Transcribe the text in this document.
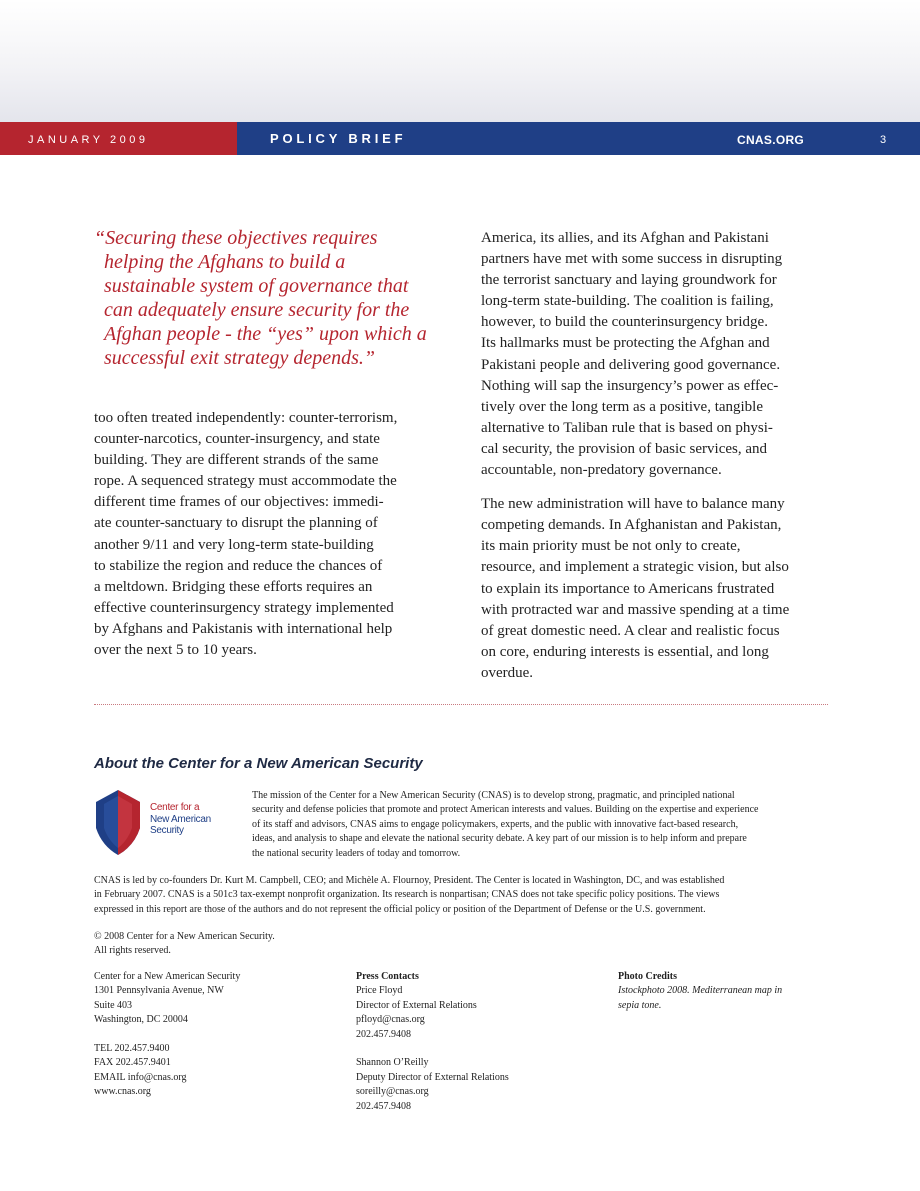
JANUARY 2009	POLICY BRIEF	CNAS.ORG	3

“Securing these objectives requires
helping the Afghans to build a
sustainable system of governance that
can adequately ensure security for the
Afghan people - the “yes” upon which a
successful exit strategy depends.”

too often treated independently: counter-terrorism,
counter-narcotics, counter-insurgency, and state
building. They are different strands of the same
rope. A sequenced strategy must accommodate the
different time frames of our objectives: immedi-
ate counter-sanctuary to disrupt the planning of
another 9/11 and very long-term state-building
to stabilize the region and reduce the chances of
a meltdown. Bridging these efforts requires an
effective counterinsurgency strategy implemented
by Afghans and Pakistanis with international help
over the next 5 to 10 years.

America, its allies, and its Afghan and Pakistani
partners have met with some success in disrupting
the terrorist sanctuary and laying groundwork for
long-term state-building. The coalition is failing,
however, to build the counterinsurgency bridge.
Its hallmarks must be protecting the Afghan and
Pakistani people and delivering good governance.
Nothing will sap the insurgency’s power as effec-
tively over the long term as a positive, tangible
alternative to Taliban rule that is based on physi-
cal security, the provision of basic services, and
accountable, non-predatory governance.

The new administration will have to balance many
competing demands. In Afghanistan and Pakistan,
its main priority must be not only to create,
resource, and implement a strategic vision, but also
to explain its importance to Americans frustrated
with protracted war and massive spending at a time
of great domestic need. A clear and realistic focus
on core, enduring interests is essential, and long
overdue.

About the Center for a New American Security
Center for a
New American
Security
The mission of the Center for a New American Security (CNAS) is to develop strong, pragmatic, and principled national
security and defense policies that promote and protect American interests and values. Building on the expertise and experience
of its staff and advisors, CNAS aims to engage policymakers, experts, and the public with innovative fact-based research,
ideas, and analysis to shape and elevate the national security debate. A key part of our mission is to help inform and prepare
the national security leaders of today and tomorrow.
CNAS is led by co-founders Dr. Kurt M. Campbell, CEO; and Michèle A. Flournoy, President. The Center is located in Washington, DC, and was established
in February 2007. CNAS is a 501c3 tax-exempt nonprofit organization. Its research is nonpartisan; CNAS does not take specific policy positions. The views
expressed in this report are those of the authors and do not represent the official policy or position of the Department of Defense or the U.S. government.
© 2008 Center for a New American Security.
All rights reserved.
Center for a New American Security
1301 Pennsylvania Avenue, NW
Suite 403
Washington, DC 20004
TEL 202.457.9400
FAX 202.457.9401
EMAIL info@cnas.org
www.cnas.org
Press Contacts
Price Floyd
Director of External Relations
pfloyd@cnas.org
202.457.9408
Shannon O’Reilly
Deputy Director of External Relations
soreilly@cnas.org
202.457.9408
Photo Credits
Istockphoto 2008. Mediterranean map in
sepia tone.
